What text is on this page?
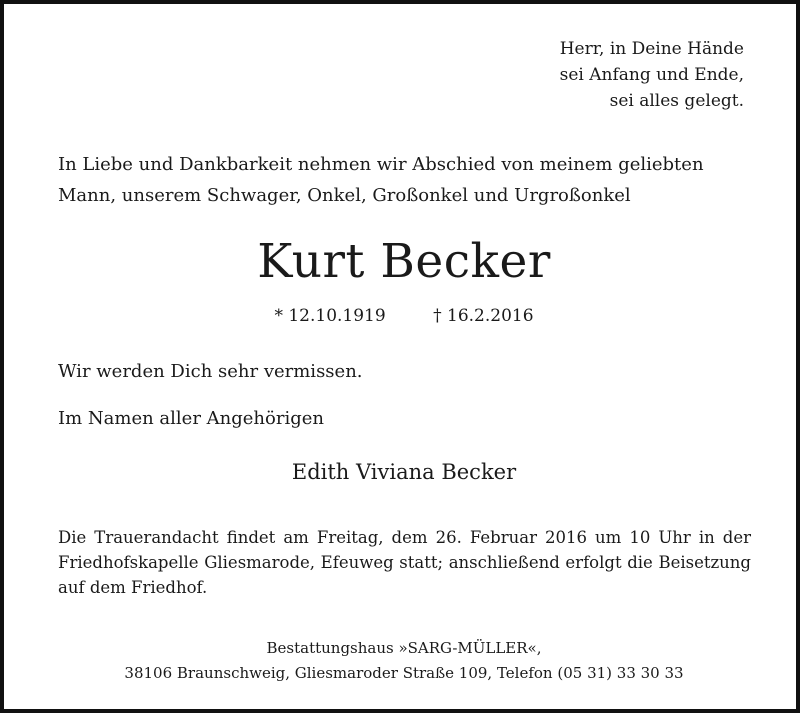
Herr, in Deine Hände
sei Anfang und Ende,
sei alles gelegt.
In Liebe und Dankbarkeit nehmen wir Abschied von meinem geliebten
Mann, unserem Schwager, Onkel, Großonkel und Urgroßonkel
Kurt Becker
* 12.10.1919	† 16.2.2016
Wir werden Dich sehr vermissen.
Im Namen aller Angehörigen
Edith Viviana Becker
Die Trauerandacht findet am Freitag, dem 26. Februar 2016 um 10 Uhr in der Friedhofskapelle Gliesmarode, Efeuweg statt; anschließend erfolgt die Beisetzung auf dem Friedhof.
Bestattungshaus »SARG-MÜLLER«,
38106 Braunschweig, Gliesmaroder Straße 109, Telefon (05 31) 33 30 33
